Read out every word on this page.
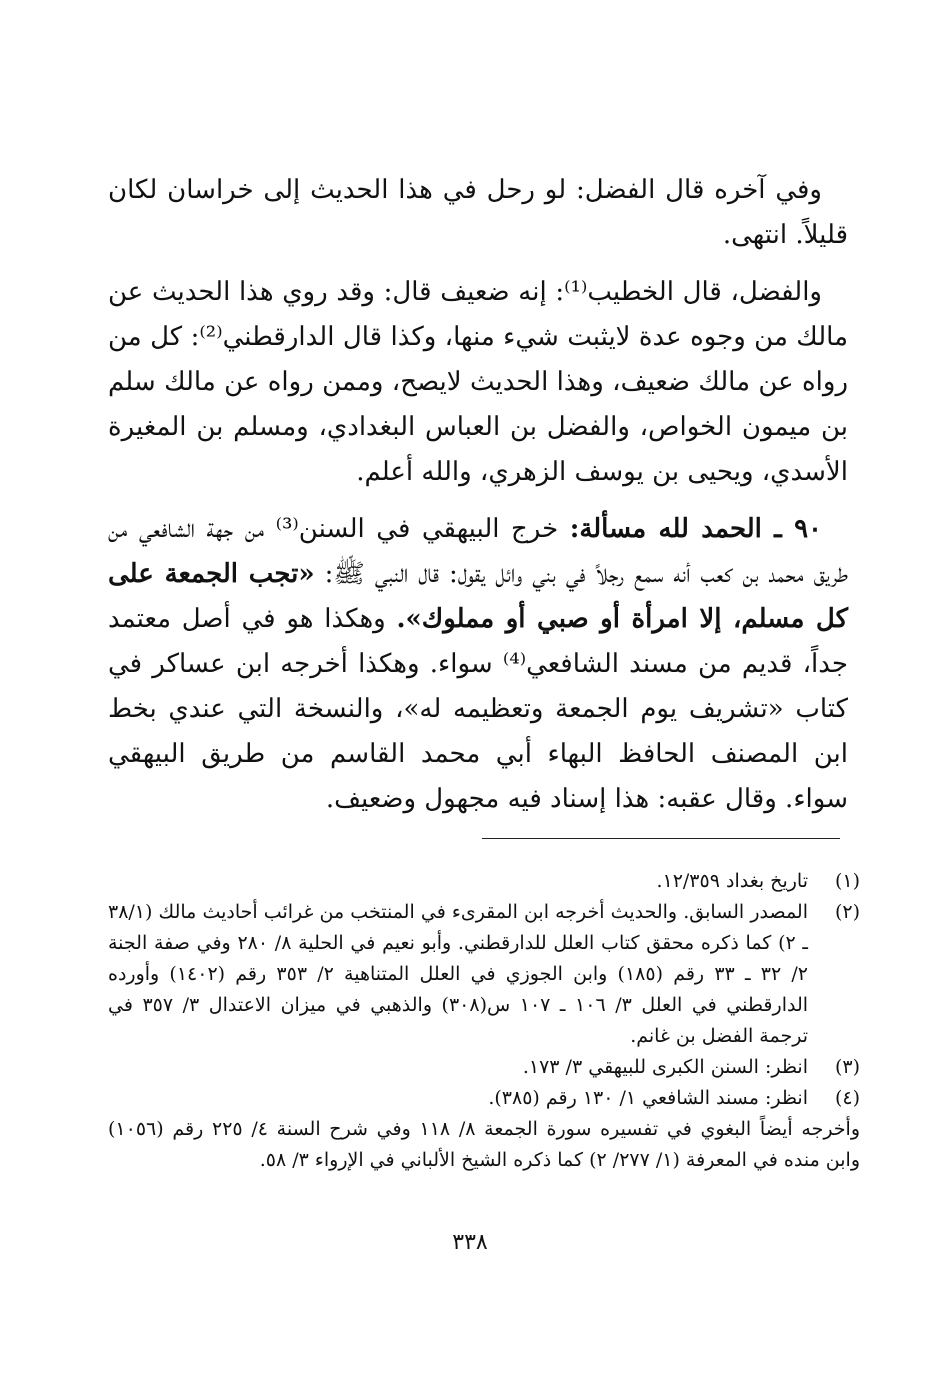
وفي آخره قال الفضل: لو رحل في هذا الحديث إلى خراسان لكان قليلاً. انتهى.

والفضل، قال الخطيب⁽¹⁾: إنه ضعيف قال: وقد روي هذا الحديث عن مالك من وجوه عدة لايثبت شيء منها، وكذا قال الدارقطني⁽²⁾: كل من رواه عن مالك ضعيف، وهذا الحديث لايصح، وممن رواه عن مالك سلم بن ميمون الخواص، والفضل بن العباس البغدادي، ومسلم بن المغيرة الأسدي، ويحيى بن يوسف الزهري، والله أعلم.

٩٠ ـ الحمد لله مسألة: خرج البيهقي في السنن⁽³⁾ من جهة الشافعي من طريق محمد بن كعب أنه سمع رجلاً في بني وائل يقول: قال النبي ﷺ: «تجب الجمعة على كل مسلم، إلا امرأة أو صبي أو مملوك». وهكذا هو في أصل معتمد جداً، قديم من مسند الشافعي⁽⁴⁾ سواء. وهكذا أخرجه ابن عساكر في كتاب «تشريف يوم الجمعة وتعظيمه له»، والنسخة التي عندي بخط ابن المصنف الحافظ البهاء أبي محمد القاسم من طريق البيهقي سواء. وقال عقبه: هذا إسناد فيه مجهول وضعيف.

(١)
تاريخ بغداد ١٢/٣٥٩.
(٢)
المصدر السابق. والحديث أخرجه ابن المقرىء في المنتخب من غرائب أحاديث مالك (٣٨/١ ـ ٢) كما ذكره محقق كتاب العلل للدارقطني. وأبو نعيم في الحلية ٨/ ٢٨٠ وفي صفة الجنة ٢/ ٣٢ ـ ٣٣ رقم (١٨٥) وابن الجوزي في العلل المتناهية ٢/ ٣٥٣ رقم (١٤٠٢) وأورده الدارقطني في العلل ٣/ ١٠٦ ـ ١٠٧ س(٣٠٨) والذهبي في ميزان الاعتدال ٣/ ٣٥٧ في ترجمة الفضل بن غانم.
(٣)
انظر: السنن الكبرى للبيهقي ٣/ ١٧٣.
(٤)
انظر: مسند الشافعي ١/ ١٣٠ رقم (٣٨٥).
وأخرجه أيضاً البغوي في تفسيره سورة الجمعة ٨/ ١١٨ وفي شرح السنة ٤/ ٢٢٥ رقم (١٠٥٦) وابن منده في المعرفة (١/ ٢٧٧/ ٢) كما ذكره الشيخ الألباني في الإرواء ٣/ ٥٨.
٣٣٨
